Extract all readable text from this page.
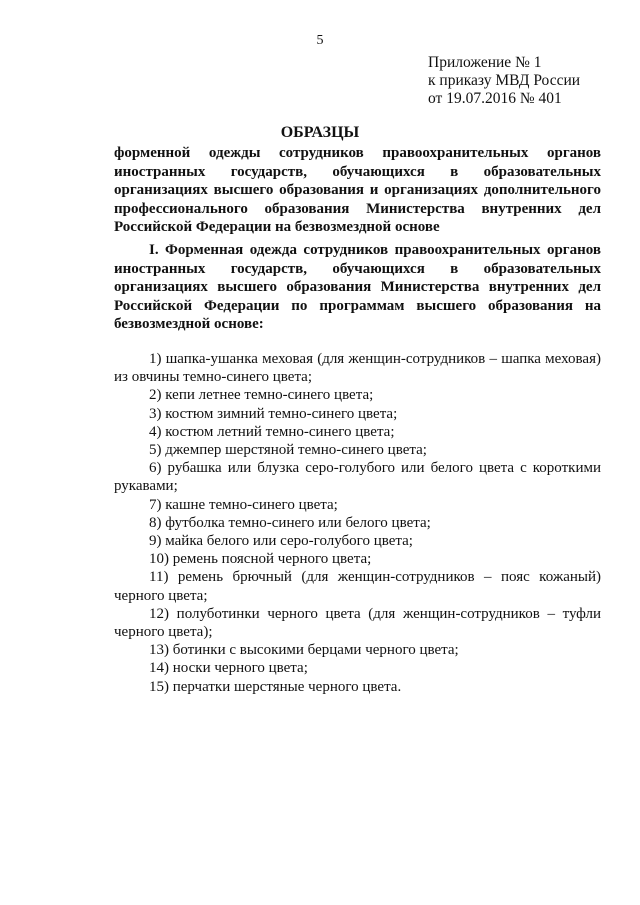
5
Приложение № 1
к приказу МВД России
от 19.07.2016 № 401
ОБРАЗЦЫ
форменной одежды сотрудников правоохранительных органов иностранных государств, обучающихся в образовательных организациях высшего образования и организациях дополнительного профессионального образования Министерства внутренних дел Российской Федерации на безвозмездной основе
I. Форменная одежда сотрудников правоохранительных органов иностранных государств, обучающихся в образовательных организациях высшего образования Министерства внутренних дел Российской Федерации по программам высшего образования на безвозмездной основе:

1) шапка-ушанка меховая (для женщин-сотрудников – шапка меховая) из овчины темно-синего цвета;

2) кепи летнее темно-синего цвета;

3) костюм зимний темно-синего цвета;

4) костюм летний темно-синего цвета;

5) джемпер шерстяной темно-синего цвета;

6) рубашка или блузка серо-голубого или белого цвета с короткими рукавами;

7) кашне темно-синего цвета;

8) футболка темно-синего или белого цвета;

9) майка белого или серо-голубого цвета;

10) ремень поясной черного цвета;

11) ремень брючный (для женщин-сотрудников – пояс кожаный) черного цвета;

12) полуботинки черного цвета (для женщин-сотрудников – туфли черного цвета);

13) ботинки с высокими берцами черного цвета;

14) носки черного цвета;

15) перчатки шерстяные черного цвета.
